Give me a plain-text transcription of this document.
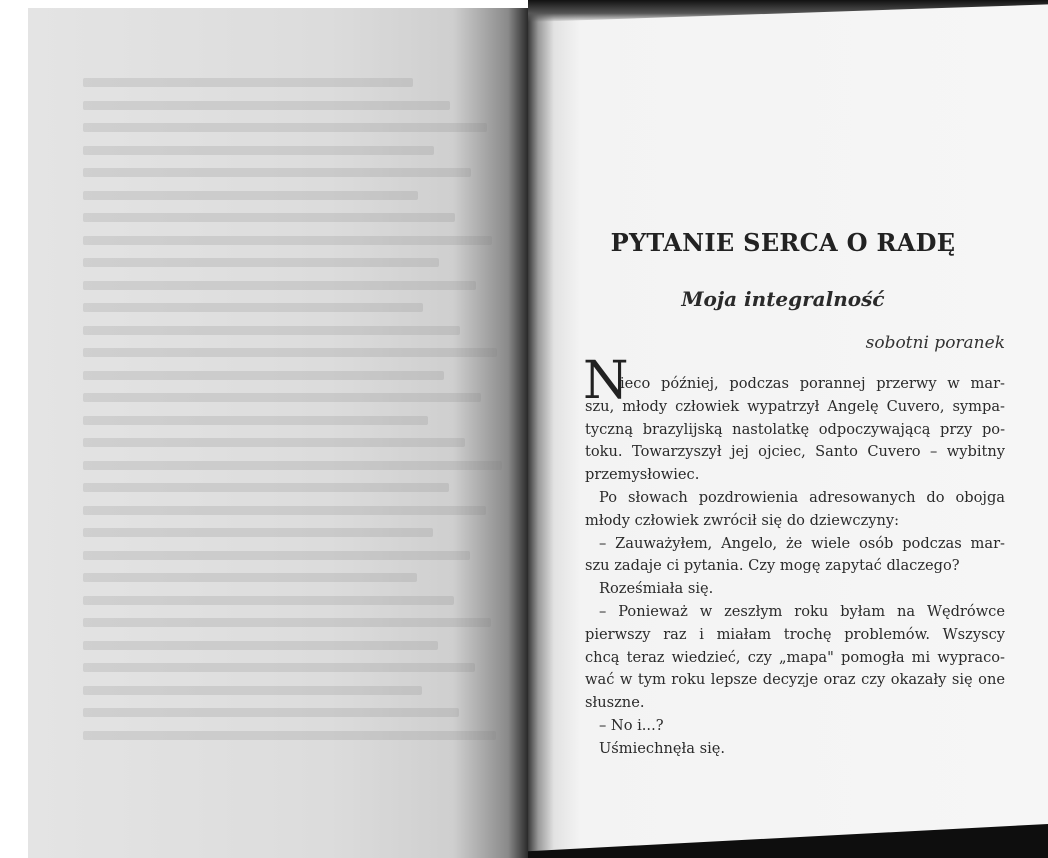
PYTANIE SERCA O RADĘ
Moja integralność
sobotni poranek
N
ieco później, podczas porannej przerwy w mar-
szu, młody człowiek wypatrzył Angelę Cuvero, sympa-
tyczną brazylijską nastolatkę odpoczywającą przy po-
toku. Towarzyszył jej ojciec, Santo Cuvero – wybitny
przemysłowiec.
Po słowach pozdrowienia adresowanych do obojga
młody człowiek zwrócił się do dziewczyny:
– Zauważyłem, Angelo, że wiele osób podczas mar-
szu zadaje ci pytania. Czy mogę zapytać dlaczego?
Roześmiała się.
– Ponieważ w zeszłym roku byłam na Wędrówce
pierwszy raz i miałam trochę problemów. Wszyscy
chcą teraz wiedzieć, czy „mapa" pomogła mi wypraco-
wać w tym roku lepsze decyzje oraz czy okazały się one
słuszne.
– No i...?
Uśmiechnęła się.
